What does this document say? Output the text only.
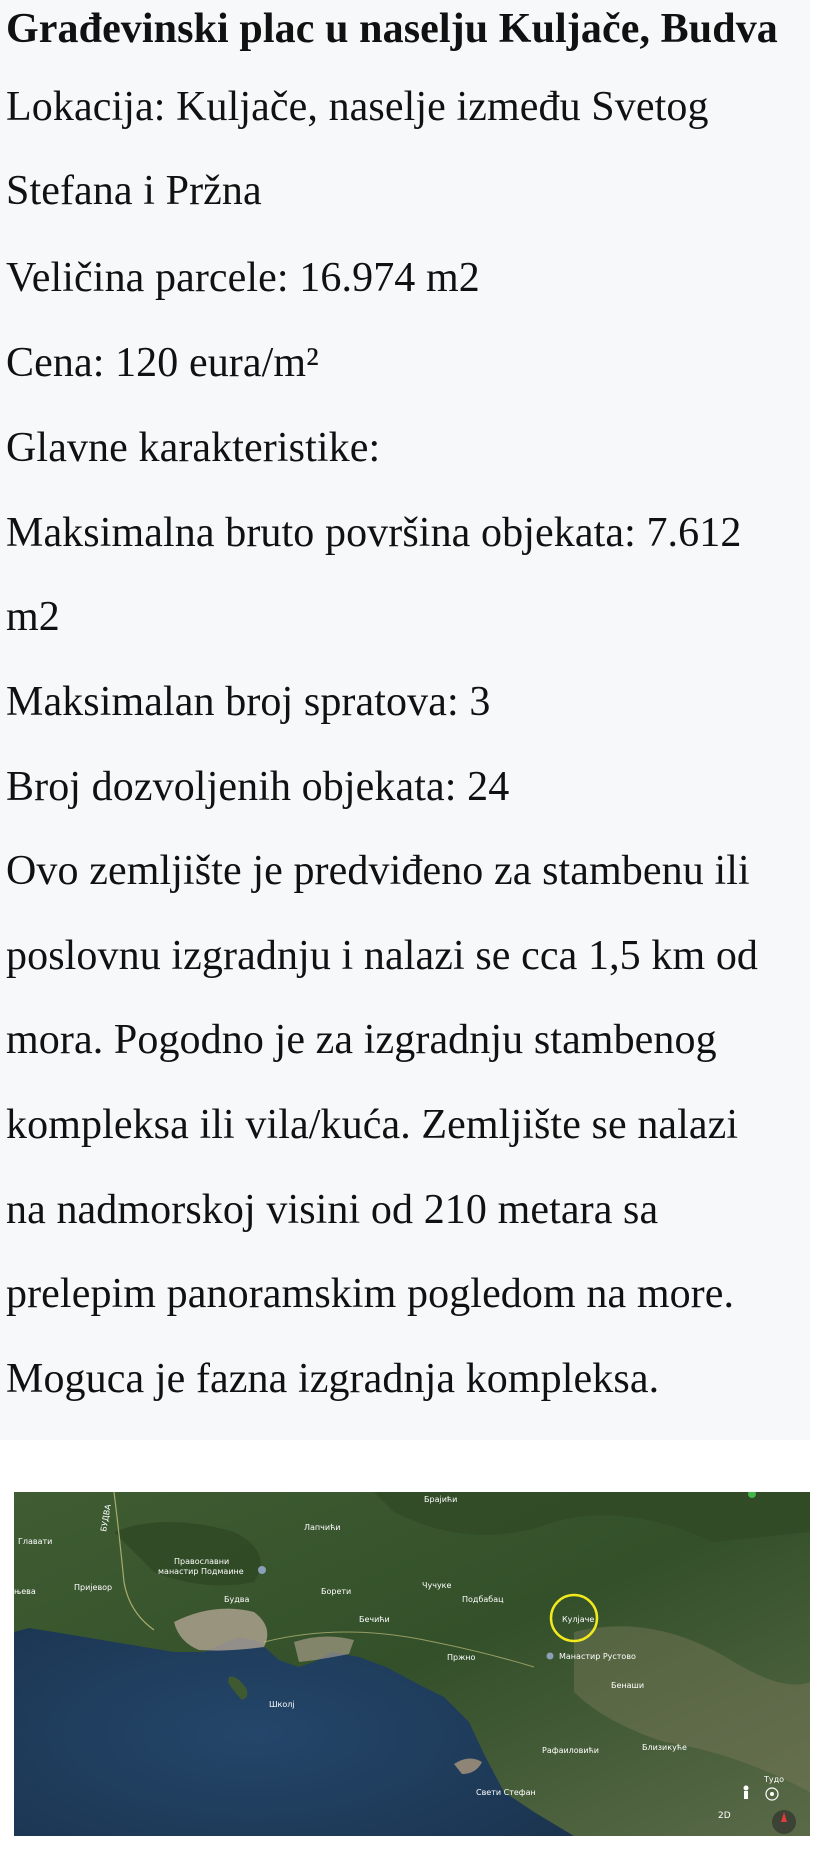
Građevinski plac u naselju Kuljače, Budva
Lokacija: Kuljače, naselje između Svetog
Stefana i Pržna
Veličina parcele: 16.974 m2
Cena: 120 eura/m²
Glavne karakteristike:
Maksimalna bruto površina objekata: 7.612
m2
Maksimalan broj spratova: 3
Broj dozvoljenih objekata: 24
Ovo zemljište je predviđeno za stambenu ili
poslovnu izgradnju i nalazi se cca 1,5 km od
mora. Pogodno je za izgradnju stambenog
kompleksa ili vila/kuća. Zemljište se nalazi
na nadmorskoj visini od 210 metara sa
prelepim panoramskim pogledom na more.
Moguca je fazna izgradnja kompleksa.
Главати
Лапчићи
Брајићи
Православни
манастир Подмаине
Будва
Пријевор
њева	Борети
Чучуке
Подбабац
Бечићи	Кулјаче
Манастир Рустово
Пржно
Бенаши
Школј
Рафаиловићи	Близикуће
Свети Стефан
Тудо
БУДВА
2D
